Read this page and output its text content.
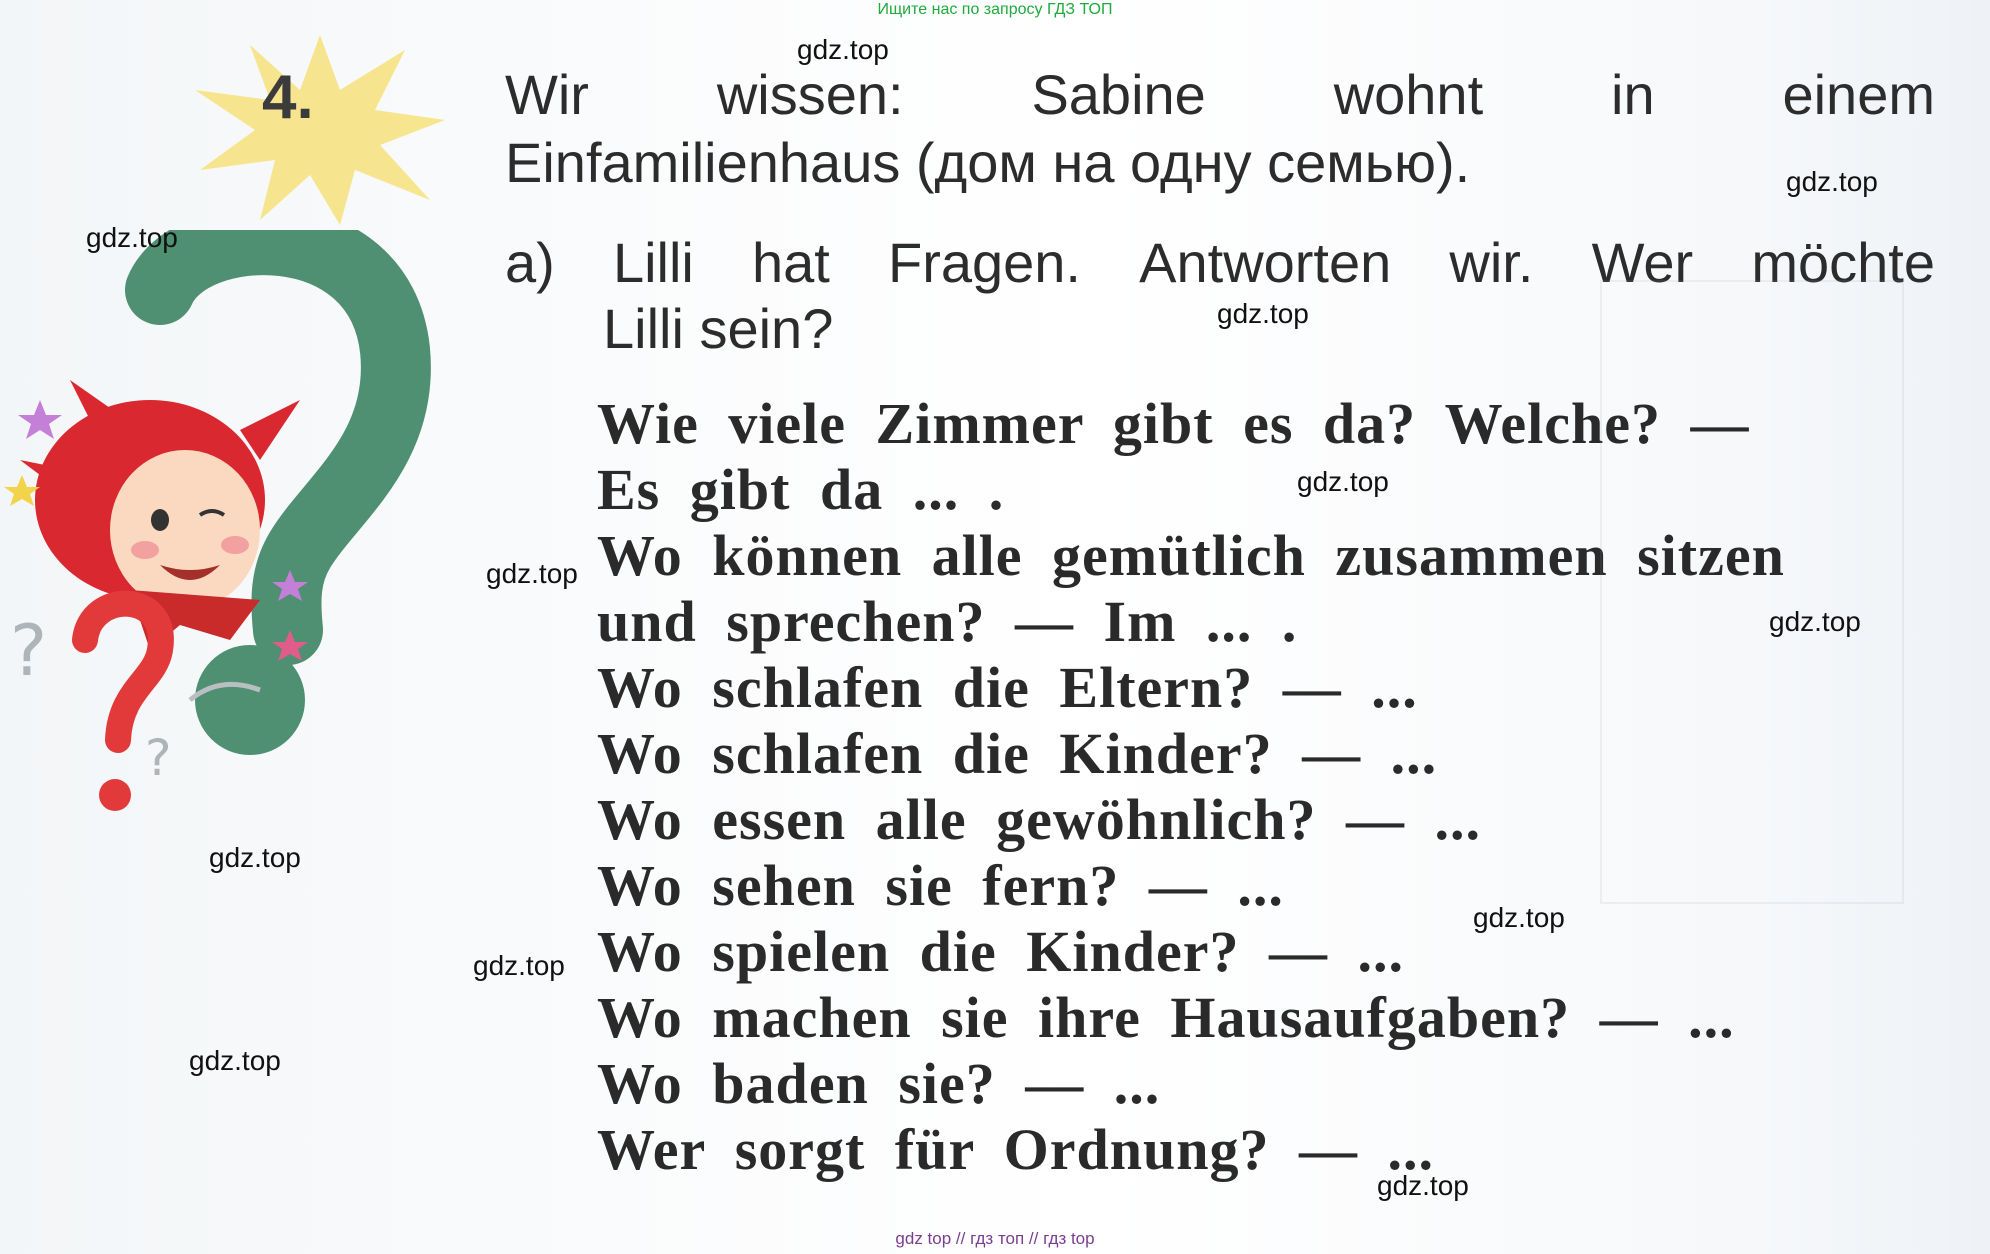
Ищите нас по запросу ГДЗ ТОП
4.	Wir wissen: Sabine wohnt in einem
Einfamilienhaus (дом на одну семью).
a) Lilli hat Fragen. Antworten wir. Wer möchte
Lilli sein?
Wie viele Zimmer gibt es da? Welche? —
Es gibt da ... .
Wo können alle gemütlich zusammen sitzen
und sprechen? — Im ... .
Wo schlafen die Eltern? — ...
Wo schlafen die Kinder? — ...
Wo essen alle gewöhnlich? — ...
Wo sehen sie fern? — ...
Wo spielen die Kinder? — ...
Wo machen sie ihre Hausaufgaben? — ...
Wo baden sie? — ...
Wer sorgt für Ordnung? — ...
?
?
gdz.top
gdz.top
gdz.top
gdz.top
gdz.top
gdz.top
gdz.top
gdz.top
gdz.top
gdz.top
gdz.top
gdz.top
gdz top // гдз топ // гдз top
